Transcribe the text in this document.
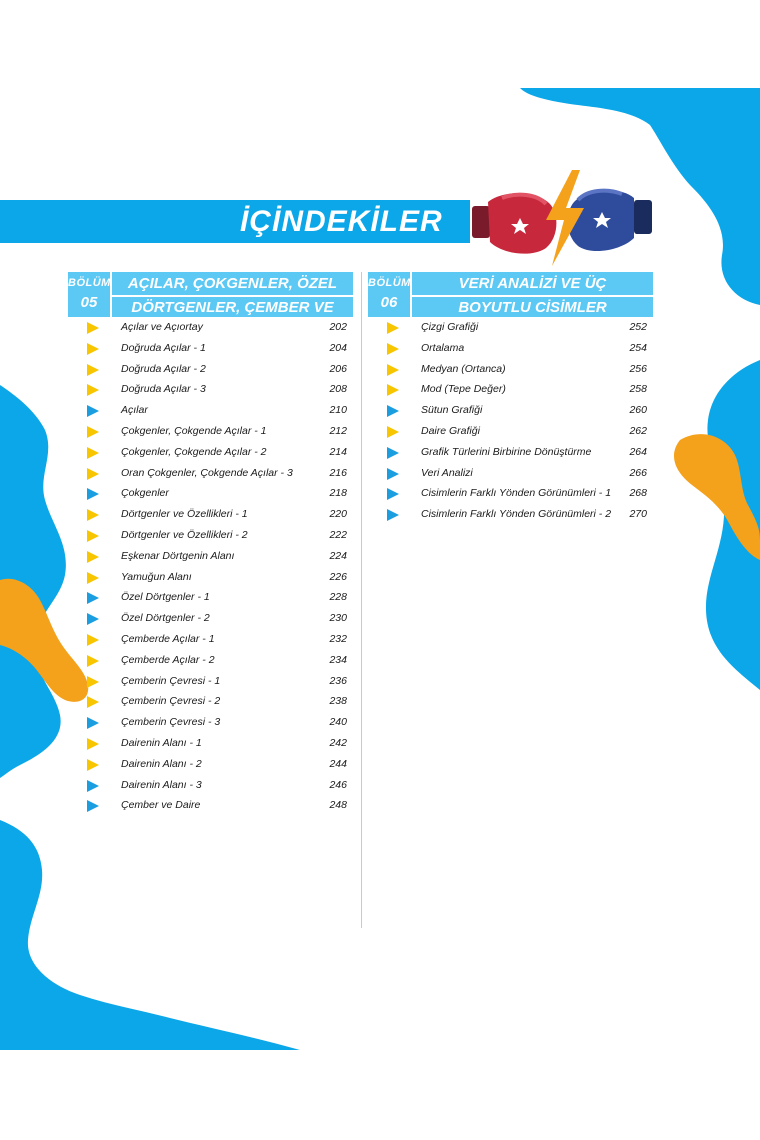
İÇİNDEKİLER
BÖLÜM
05
AÇILAR, ÇOKGENLER, ÖZEL
DÖRTGENLER, ÇEMBER VE DAİRE
Açılar ve Açıortay	202
Doğruda Açılar - 1	204
Doğruda Açılar - 2	206
Doğruda Açılar - 3	208
Açılar	210
Çokgenler, Çokgende Açılar - 1	212
Çokgenler, Çokgende Açılar - 2	214
Oran Çokgenler, Çokgende Açılar - 3	216
Çokgenler	218
Dörtgenler ve Özellikleri - 1	220
Dörtgenler ve Özellikleri - 2	222
Eşkenar Dörtgenin Alanı	224
Yamuğun Alanı	226
Özel Dörtgenler - 1	228
Özel Dörtgenler - 2	230
Çemberde Açılar - 1	232
Çemberde Açılar - 2	234
Çemberin Çevresi - 1	236
Çemberin Çevresi - 2	238
Çemberin Çevresi - 3	240
Dairenin Alanı - 1	242
Dairenin Alanı - 2	244
Dairenin Alanı - 3	246
Çember ve Daire	248
BÖLÜM
06
VERİ ANALİZİ VE ÜÇ
BOYUTLU CİSİMLER
Çizgi Grafiği	252
Ortalama	254
Medyan (Ortanca)	256
Mod (Tepe Değer)	258
Sütun Grafiği	260
Daire Grafiği	262
Grafik Türlerini Birbirine Dönüştürme	264
Veri Analizi	266
Cisimlerin Farklı Yönden Görünümleri - 1 268
Cisimlerin Farklı Yönden Görünümleri - 2 270
